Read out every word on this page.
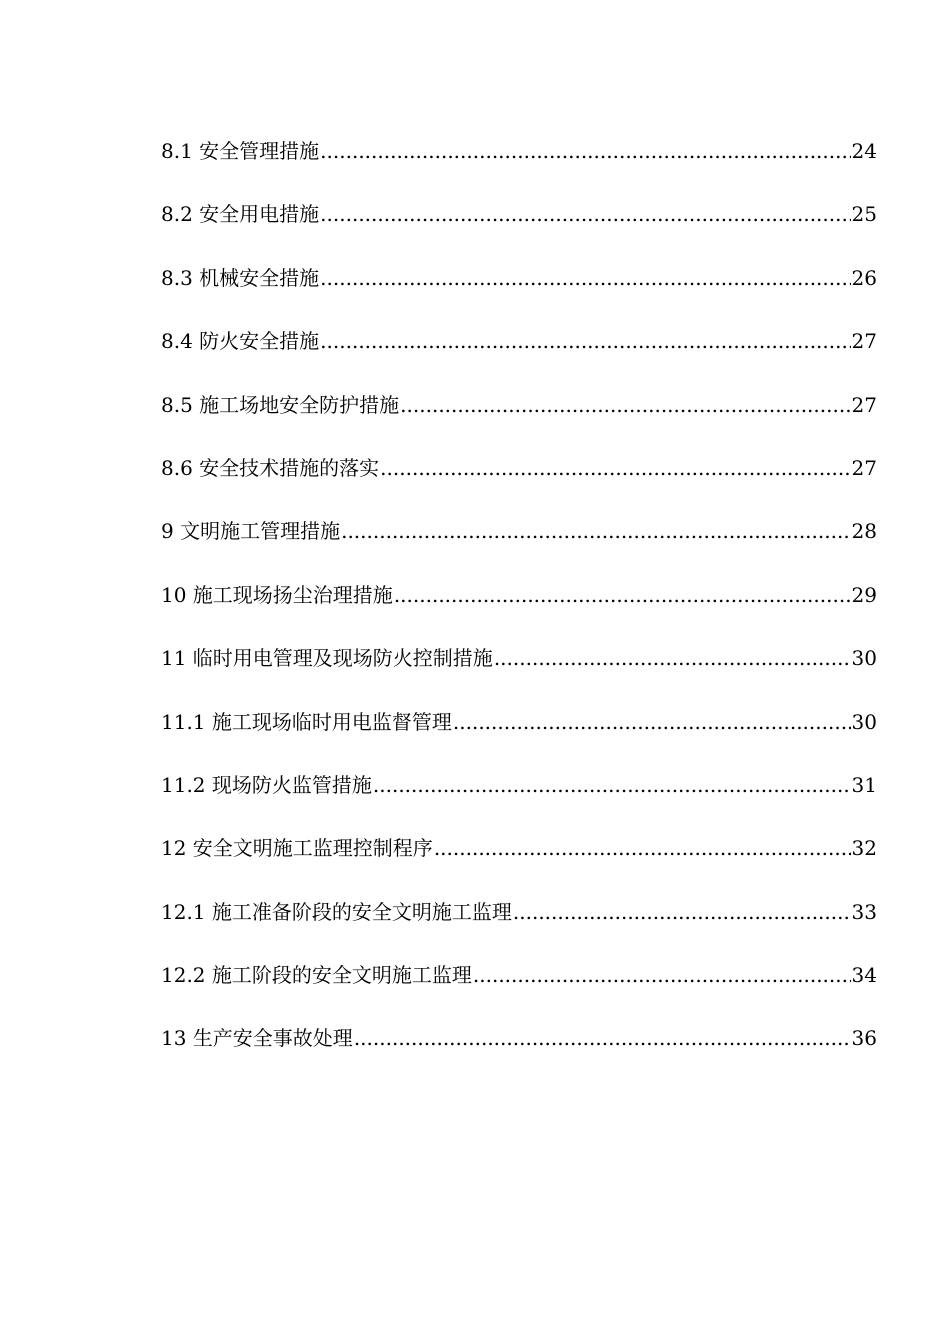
8.1 安全管理措施 .....	24
8.2 安全用电措施 .....	25
8.3 机械安全措施 .....	26
8.4 防火安全措施 .....	27
8.5 施工场地安全防护措施 .....	27
8.6 安全技术措施的落实 .....	27
9 文明施工管理措施 .....	28
10 施工现场扬尘治理措施 .....	29
11 临时用电管理及现场防火控制措施 .....	30
11.1 施工现场临时用电监督管理 .....	30
11.2 现场防火监管措施 .....	31
12 安全文明施工监理控制程序 .....	32
12.1 施工准备阶段的安全文明施工监理 .....	33
12.2 施工阶段的安全文明施工监理 .....	34
13 生产安全事故处理 .....	36
